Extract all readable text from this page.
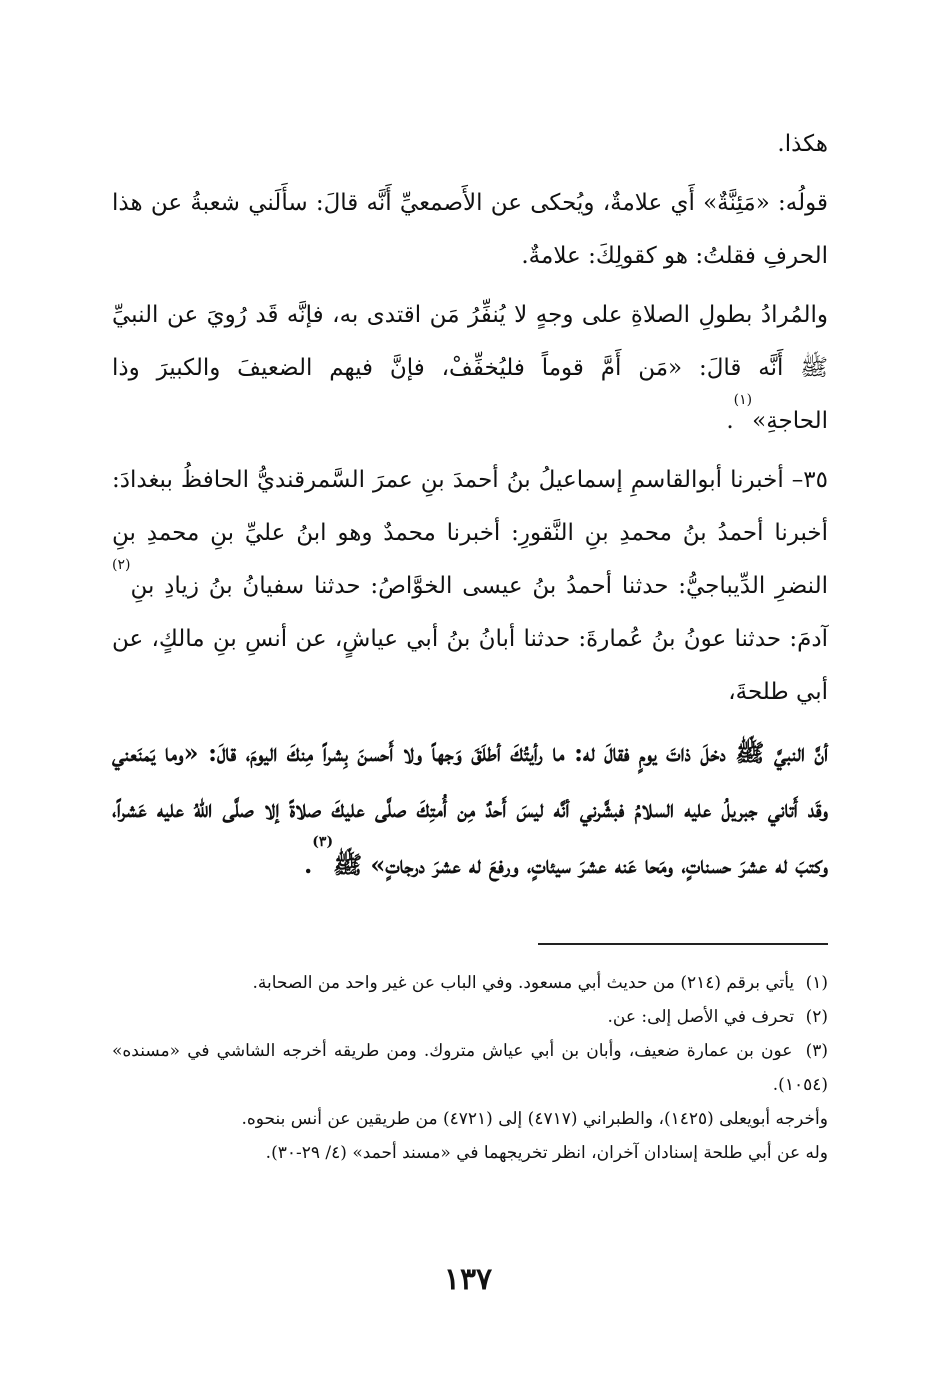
هكذا.

قولُه: «مَئِنَّةٌ» أَي علامةٌ، ويُحكى عن الأَصمعيِّ أَنَّه قالَ: سأَلَني شعبةُ عن هذا الحرفِ فقلتُ: هو كقولِكَ: علامةٌ.

والمُرادُ بطولِ الصلاةِ على وجهٍ لا يُنفِّرُ مَن اقتدى به، فإنَّه قَد رُويَ عن النبيِّ ﷺ أَنَّه قالَ: «مَن أَمَّ قوماً فليُخفِّفْ، فإنَّ فيهم الضعيفَ والكبيرَ وذا الحاجةِ»$^{(١)}$.

٣٥– أخبرنا أبوالقاسمِ إسماعيلُ بنُ أحمدَ بنِ عمرَ السَّمرقنديُّ الحافظُ ببغدادَ: أخبرنا أحمدُ بنُ محمدِ بنِ النَّقورِ: أخبرنا محمدٌ وهو ابنُ عليِّ بنِ محمدِ بنِ النضرِ الدِّيباجيُّ: حدثنا أحمدُ بنُ عيسى الخوَّاصُ: حدثنا سفيانُ بنُ زيادِ بنِ$^{(٢)}$ آدمَ: حدثنا عونُ بنُ عُمارةَ: حدثنا أبانُ بنُ أبي عياشٍ، عن أنسِ بنِ مالكٍ، عن أبي طلحةَ،

أنَّ النبيَّ ﷺ دخلَ ذاتَ يومٍ فقالَ له: ما رأيتُكَ أطلَقَ وَجهاً ولا أَحسنَ بِشراً مِنكَ اليومَ، قالَ: «وما يَمنَعني وقَد أَتاني جبريلُ عليه السلامُ فبشَّرني أنَّه ليسَ أَحدٌ مِن أُمتِكَ صلَّى عليكَ صلاةً إلا صلَّى اللهُ عليه عَشراً، وكتبَ له عشرَ حسناتٍ، ومَحا عَنه عشرَ سيئاتٍ، ورفعَ له عشرَ درجاتٍ» ﷺ$^{(٣)}$.

(١) يأتي برقم (٢١٤) من حديث أبي مسعود. وفي الباب عن غير واحد من الصحابة.

(٢) تحرف في الأصل إلى: عن.

(٣) عون بن عمارة ضعيف، وأبان بن أبي عياش متروك. ومن طريقه أخرجه الشاشي في «مسنده» (١٠٥٤).

وأخرجه أبويعلى (١٤٢٥)، والطبراني (٤٧١٧) إلى (٤٧٢١) من طريقين عن أنس بنحوه.

وله عن أبي طلحة إسنادان آخران، انظر تخريجهما في «مسند أحمد» (٤/ ٢٩-٣٠).

١٣٧
